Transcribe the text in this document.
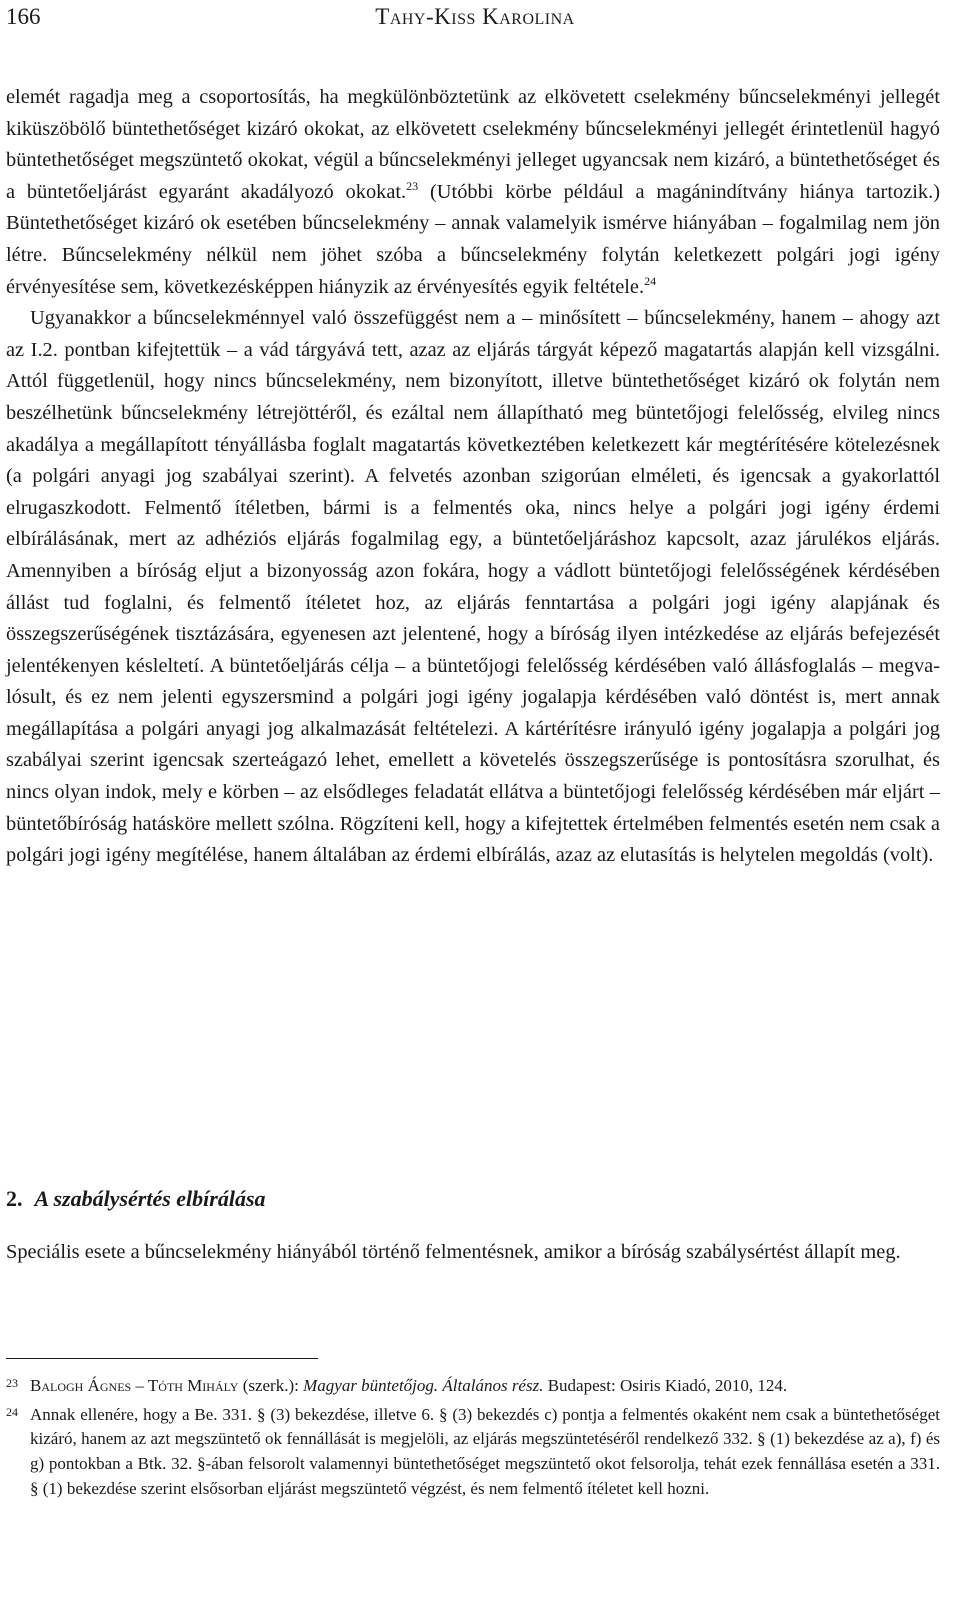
166	Tahy-Kiss Karolina

elemét ragadja meg a csoportosítás, ha megkülönböztetünk az elkövetett cselekmény bűncselekményi jellegét kiküszöbölő büntethetőséget kizáró okokat, az elkövetett cselekmény bűncselekményi jellegét érintetlenül hagyó büntethetőséget megszüntető okokat, végül a bűncselekményi jelleget ugyancsak nem kizáró, a büntethetőséget és a büntetőeljárást egyaránt akadályozó okokat.$^{23}$ (Utóbbi körbe például a magánindítvány hiánya tartozik.) Büntethetőséget kizáró ok esetében bűncselekmény – annak valamelyik ismérve hiányában – fogalmilag nem jön létre. Bűncselekmény nélkül nem jöhet szóba a bűncselekmény folytán keletkezett polgári jogi igény érvényesítése sem, következésképpen hiányzik az érvényesítés egyik feltétele.$^{24}$

Ugyanakkor a bűncselekménnyel való összefüggést nem a – minősített – bűncselekmény, hanem – ahogy azt az I.2. pontban kifejtettük – a vád tárgyává tett, azaz az eljárás tárgyát képező magatartás alapján kell vizsgálni. Attól függetlenül, hogy nincs bűncselekmény, nem bizonyított, illetve büntethetőséget kizáró ok folytán nem beszélhetünk bűncselekmény létrejöttéről, és ezáltal nem állapítható meg büntetőjogi felelősség, elvileg nincs akadálya a megállapított tényállásba foglalt magatartás következtében keletkezett kár megtérítésére kötelezésnek (a polgári anyagi jog szabályai szerint). A felvetés azonban szigorúan elméleti, és igencsak a gyakorlattól elrugaszkodott. Felmentő ítéletben, bármi is a felmentés oka, nincs helye a polgári jogi igény érdemi elbírálásának, mert az adhéziós eljárás fogalmilag egy, a büntetőeljáráshoz kapcsolt, azaz járulékos eljárás. Amennyiben a bíróság eljut a bizonyosság azon fokára, hogy a vádlott büntetőjogi felelősségének kérdésében állást tud foglalni, és felmentő ítéletet hoz, az eljárás fenntartása a polgári jogi igény alapjának és összegszerűségének tisztázására, egyenesen azt jelentené, hogy a bíróság ilyen intézkedése az eljárás befejezését jelentékenyen késleltetí. A büntetőeljárás célja – a büntetőjogi felelősség kérdésében való állásfoglalás – megvalósult, és ez nem jelenti egyszersmind a polgári jogi igény jogalapja kérdésében való döntést is, mert annak megállapítása a polgári anyagi jog alkalmazását feltételezi. A kártérítésre irányuló igény jogalapja a polgári jog szabályai szerint igencsak szerteágazó lehet, emellett a követelés összegszerűsége is pontosításra szorulhat, és nincs olyan indok, mely e körben – az elsődleges feladatát ellátva a büntetőjogi felelősség kérdésében már eljárt – büntetőbíróság hatásköre mellett szólna. Rögzíteni kell, hogy a kifejtettek értelmében felmentés esetén nem csak a polgári jogi igény megítélése, hanem általában az érdemi elbírálás, azaz az elutasítás is helytelen megoldás (volt).

2. A szabálysértés elbírálása

Speciális esete a bűncselekmény hiányából történő felmentésnek, amikor a bíróság szabálysértést állapít meg.

23 Balogh Ágnes – Tóth Mihály (szerk.): Magyar büntetőjog. Általános rész. Budapest: Osiris Kiadó, 2010, 124.

24 Annak ellenére, hogy a Be. 331. § (3) bekezdése, illetve 6. § (3) bekezdés c) pontja a felmentés okaként nem csak a büntethetőséget kizáró, hanem az azt megszüntető ok fennállását is megjelöli, az eljárás megszüntetéséről rendelkező 332. § (1) bekezdése az a), f) és g) pontokban a Btk. 32. §-ában felsorolt valamennyi büntethetőséget megszüntető okot felsorolja, tehát ezek fennállása esetén a 331. § (1) bekezdése szerint elsősorban eljárást megszüntető végzést, és nem felmentő ítéletet kell hozni.
